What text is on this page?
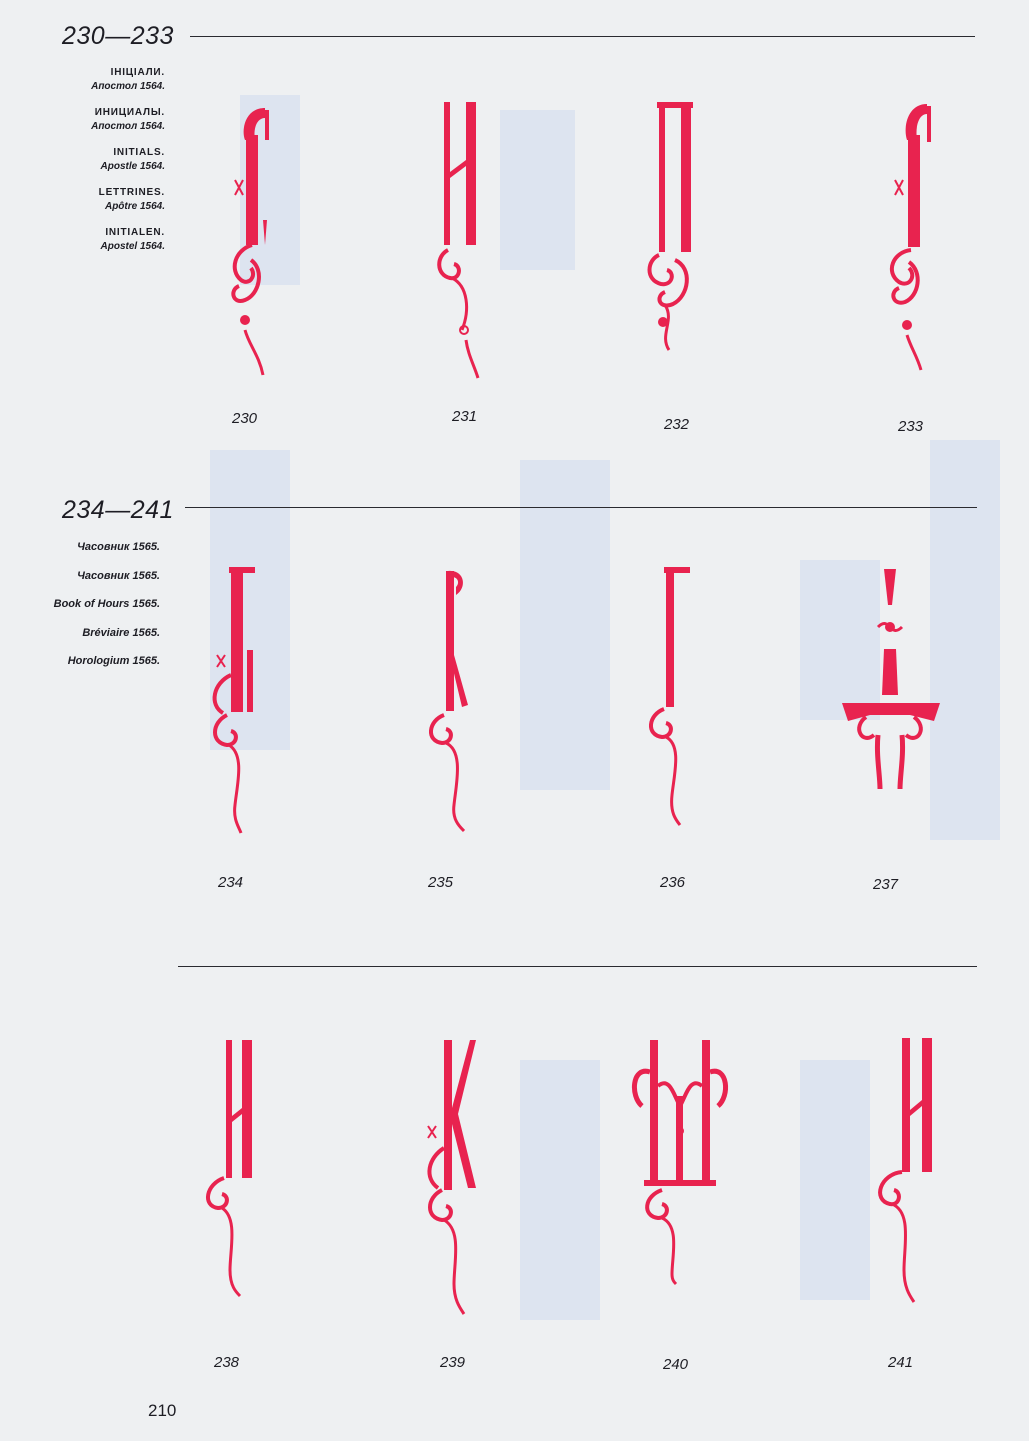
230—233
ІНІЦІАЛИ.
Апостол 1564.
ИНИЦИАЛЫ.
Апостол 1564.
INITIALS.
Apostle 1564.
LETTRINES.
Apôtre 1564.
INITIALEN.
Apostel 1564.
230	231	232	233
234—241
Часовник 1565.
Часовник 1565.
Book of Hours 1565.
Bréviaire 1565.
Horologium 1565.
234	235	236	237
238	239	240	241
210
